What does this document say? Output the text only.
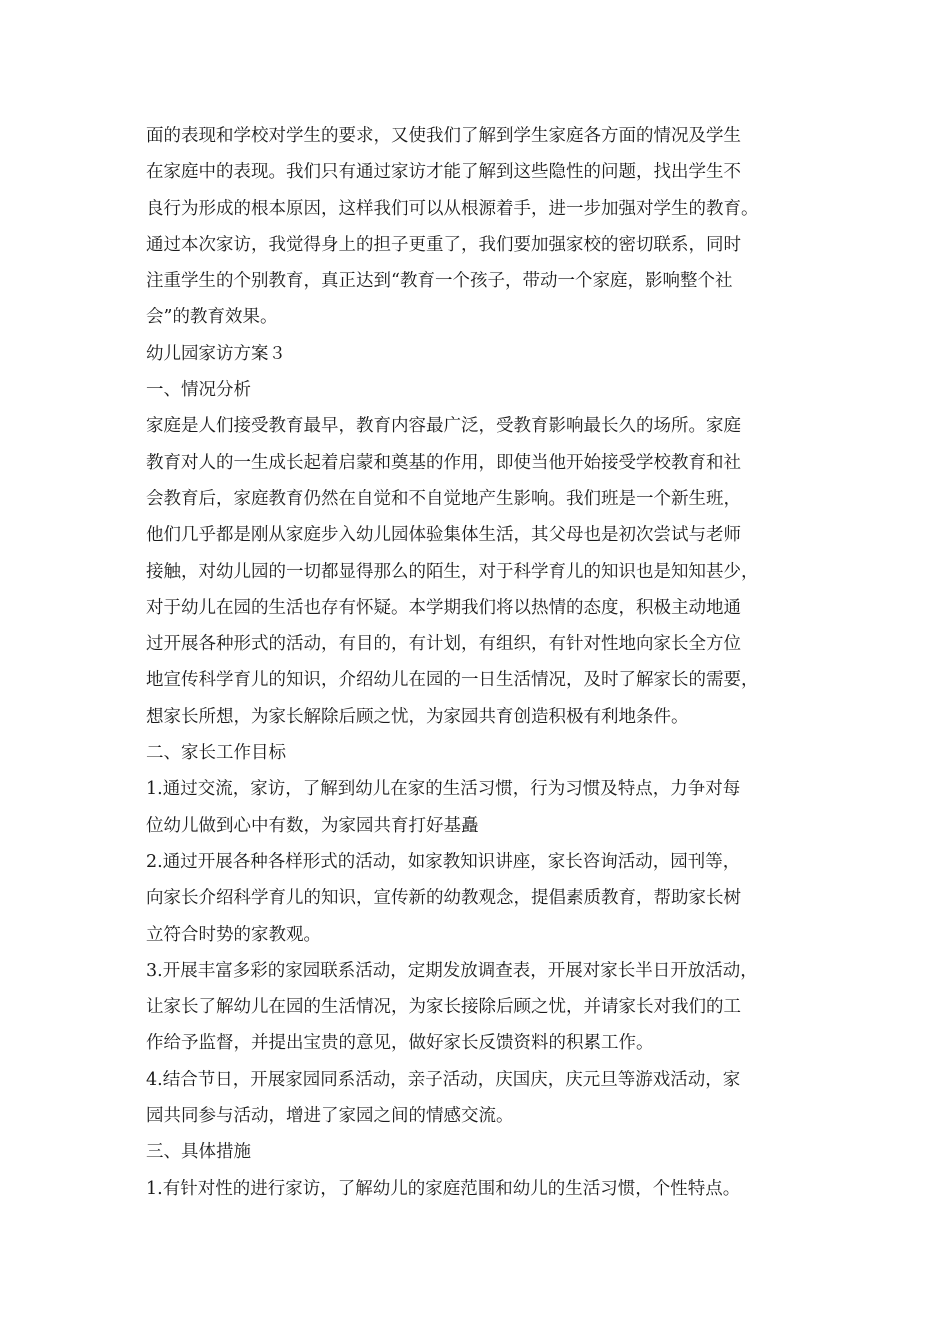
面的表现和学校对学生的要求，又使我们了解到学生家庭各方面的情况及学生
在家庭中的表现。我们只有通过家访才能了解到这些隐性的问题，找出学生不
良行为形成的根本原因，这样我们可以从根源着手，进一步加强对学生的教育。
通过本次家访，我觉得身上的担子更重了，我们要加强家校的密切联系，同时
注重学生的个别教育，真正达到“教育一个孩子，带动一个家庭，影响整个社
会”的教育效果。
幼儿园家访方案３
一、情况分析
家庭是人们接受教育最早，教育内容最广泛，受教育影响最长久的场所。家庭
教育对人的一生成长起着启蒙和奠基的作用，即使当他开始接受学校教育和社
会教育后，家庭教育仍然在自觉和不自觉地产生影响。我们班是一个新生班，
他们几乎都是刚从家庭步入幼儿园体验集体生活，其父母也是初次尝试与老师
接触，对幼儿园的一切都显得那么的陌生，对于科学育儿的知识也是知知甚少，
对于幼儿在园的生活也存有怀疑。本学期我们将以热情的态度，积极主动地通
过开展各种形式的活动，有目的，有计划，有组织，有针对性地向家长全方位
地宣传科学育儿的知识，介绍幼儿在园的一日生活情况，及时了解家长的需要，
想家长所想，为家长解除后顾之忧，为家园共育创造积极有利地条件。
二、家长工作目标
1.通过交流，家访，了解到幼儿在家的生活习惯，行为习惯及特点，力争对每
位幼儿做到心中有数，为家园共育打好基矗
2.通过开展各种各样形式的活动，如家教知识讲座，家长咨询活动，园刊等，
向家长介绍科学育儿的知识，宣传新的幼教观念，提倡素质教育，帮助家长树
立符合时势的家教观。
3.开展丰富多彩的家园联系活动，定期发放调查表，开展对家长半日开放活动，
让家长了解幼儿在园的生活情况，为家长接除后顾之忧，并请家长对我们的工
作给予监督，并提出宝贵的意见，做好家长反馈资料的积累工作。
4.结合节日，开展家园同系活动，亲子活动，庆国庆，庆元旦等游戏活动，家
园共同参与活动，增进了家园之间的情感交流。
三、具体措施
1.有针对性的进行家访，了解幼儿的家庭范围和幼儿的生活习惯，个性特点。
